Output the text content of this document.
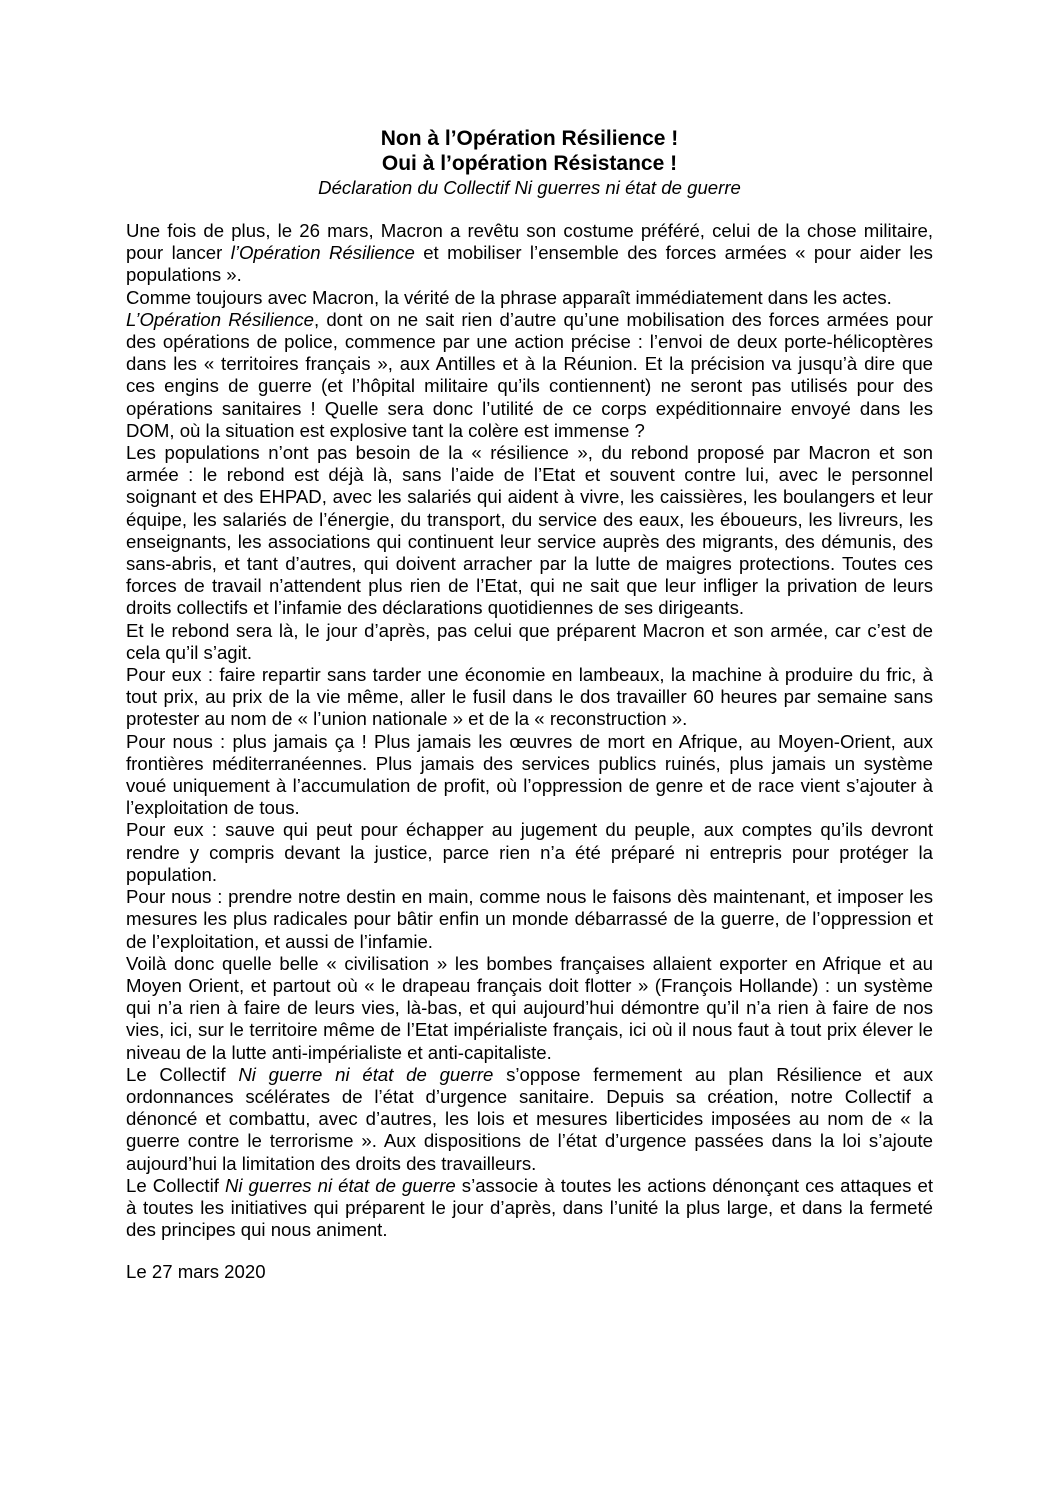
Non à l’Opération Résilience !
Oui à l’opération Résistance !
Déclaration du Collectif Ni guerres ni état de guerre

Une fois de plus, le 26 mars, Macron a revêtu son costume préféré, celui de la chose militaire, pour lancer l’Opération Résilience et mobiliser l’ensemble des forces armées « pour aider les populations ».

Comme toujours avec Macron, la vérité de la phrase apparaît immédiatement dans les actes.

L’Opération Résilience, dont on ne sait rien d’autre qu’une mobilisation des forces armées pour des opérations de police, commence par une action précise : l’envoi de deux porte-hélicoptères dans les « territoires français », aux Antilles et à la Réunion. Et la précision va jusqu’à dire que ces engins de guerre (et l’hôpital militaire qu’ils contiennent) ne seront pas utilisés pour des opérations sanitaires ! Quelle sera donc l’utilité de ce corps expéditionnaire envoyé dans les DOM, où la situation est explosive tant la colère est immense ?

Les populations n’ont pas besoin de la « résilience », du rebond proposé par Macron et son armée : le rebond est déjà là, sans l’aide de l’Etat et souvent contre lui, avec le personnel soignant et des EHPAD, avec les salariés qui aident à vivre, les caissières, les boulangers et leur équipe, les salariés de l’énergie, du transport, du service des eaux, les éboueurs, les livreurs, les enseignants, les associations qui continuent leur service auprès des migrants, des démunis, des sans-abris, et tant d’autres, qui doivent arracher par la lutte de maigres protections. Toutes ces forces de travail n’attendent plus rien de l’Etat, qui ne sait que leur infliger la privation de leurs droits collectifs et l’infamie des déclarations quotidiennes de ses dirigeants.

Et le rebond sera là, le jour d’après, pas celui que préparent Macron et son armée, car c’est de cela qu’il s’agit.

Pour eux : faire repartir sans tarder une économie en lambeaux, la machine à produire du fric, à tout prix, au prix de la vie même, aller le fusil dans le dos travailler 60 heures par semaine sans protester au nom de « l’union nationale » et de la « reconstruction ».

Pour nous : plus jamais ça ! Plus jamais les œuvres de mort en Afrique, au Moyen-Orient, aux frontières méditerranéennes. Plus jamais des services publics ruinés, plus jamais un système voué uniquement à l’accumulation de profit, où l’oppression de genre et de race vient s’ajouter à l’exploitation de tous.

Pour eux : sauve qui peut pour échapper au jugement du peuple, aux comptes qu’ils devront rendre y compris devant la justice, parce rien n’a été préparé ni entrepris pour protéger la population.

Pour nous : prendre notre destin en main, comme nous le faisons dès maintenant, et imposer les mesures les plus radicales pour bâtir enfin un monde débarrassé de la guerre, de l’oppression et de l’exploitation, et aussi de l’infamie.

Voilà donc quelle belle « civilisation » les bombes françaises allaient exporter en Afrique et au Moyen Orient, et partout où « le drapeau français doit flotter » (François Hollande) : un système qui n’a rien à faire de leurs vies, là-bas, et qui aujourd’hui démontre qu’il n’a rien à faire de nos vies, ici, sur le territoire même de l’Etat impérialiste français, ici où il nous faut à tout prix élever le niveau de la lutte anti-impérialiste et anti-capitaliste.

Le Collectif Ni guerre ni état de guerre s’oppose fermement au plan Résilience et aux ordonnances scélérates de l’état d’urgence sanitaire. Depuis sa création, notre Collectif a dénoncé et combattu, avec d’autres, les lois et mesures liberticides imposées au nom de « la guerre contre le terrorisme ». Aux dispositions de l’état d’urgence passées dans la loi s’ajoute aujourd’hui la limitation des droits des travailleurs.

Le Collectif Ni guerres ni état de guerre s’associe à toutes les actions dénonçant ces attaques et à toutes les initiatives qui préparent le jour d’après, dans l’unité la plus large, et dans la fermeté des principes qui nous animent.

Le 27 mars 2020
